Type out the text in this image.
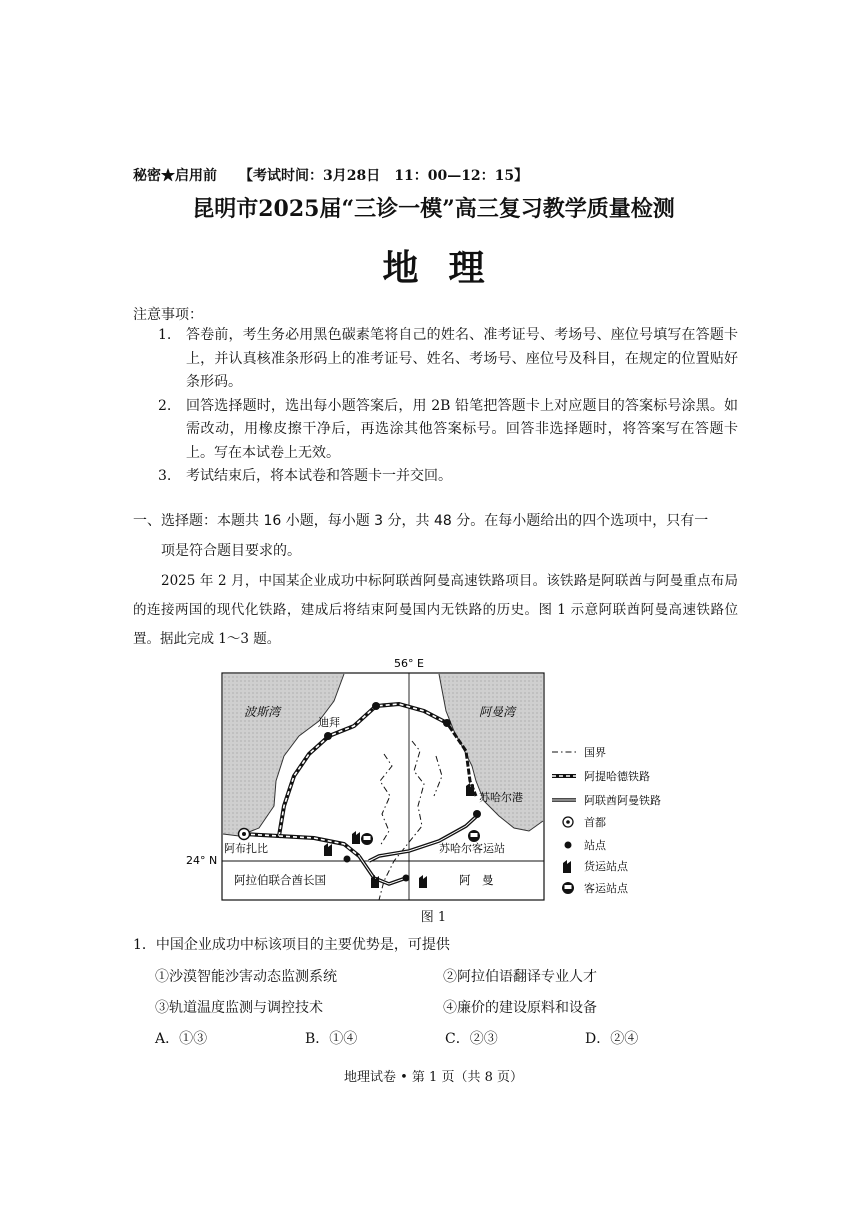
秘密★启用前 【考试时间：3月28日　11：00—12：15】
昆明市2025届“三诊一模”高三复习教学质量检测
地理
注意事项：
1.	答卷前，考生务必用黑色碳素笔将自己的姓名、准考证号、考场号、座位号填写在答题卡上，并认真核准条形码上的准考证号、姓名、考场号、座位号及科目，在规定的位置贴好条形码。
2.	回答选择题时，选出每小题答案后，用 2B 铅笔把答题卡上对应题目的答案标号涂黑。如需改动，用橡皮擦干净后，再选涂其他答案标号。回答非选择题时，将答案写在答题卡上。写在本试卷上无效。
3.	考试结束后，将本试卷和答题卡一并交回。
一、选择题：本题共 16 小题，每小题 3 分，共 48 分。在每小题给出的四个选项中，只有一
项是符合题目要求的。
2025 年 2 月，中国某企业成功中标阿联酋阿曼高速铁路项目。该铁路是阿联酋与阿曼重点布局的连接两国的现代化铁路，建成后将结束阿曼国内无铁路的历史。图 1 示意阿联酋阿曼高速铁路位置。据此完成 1～3 题。
56° E
24° N
波斯湾	阿曼湾
迪拜
阿布扎比
苏哈尔港
苏哈尔客运站
阿拉伯联合酋长国	阿　曼
国界
阿提哈德铁路
阿联酋阿曼铁路
首都
站点
货运站点
客运站点
图 1
1．中国企业成功中标该项目的主要优势是，可提供
①沙漠智能沙害动态监测系统	②阿拉伯语翻译专业人才
③轨道温度监测与调控技术	④廉价的建设原料和设备
A．①③	B．①④	C．②③	D．②④
地理试卷 • 第 1 页（共 8 页）
